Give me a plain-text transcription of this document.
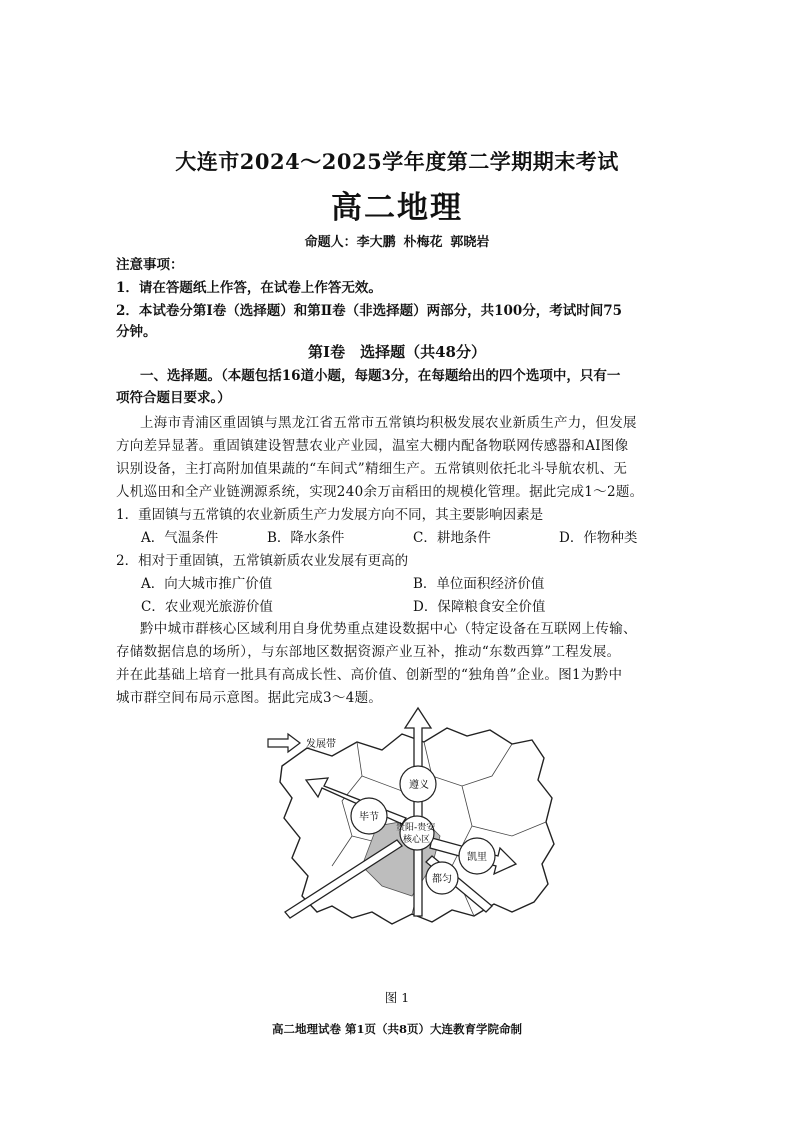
大连市2024～2025学年度第二学期期末考试
高二地理
命题人：李大鹏 朴梅花 郭晓岩
注意事项：
1．请在答题纸上作答，在试卷上作答无效。
2．本试卷分第Ⅰ卷（选择题）和第Ⅱ卷（非选择题）两部分，共100分，考试时间75
分钟。
第Ⅰ卷　选择题（共48分）
一、选择题。（本题包括16道小题，每题3分，在每题给出的四个选项中，只有一
项符合题目要求。）
上海市青浦区重固镇与黑龙江省五常市五常镇均积极发展农业新质生产力，但发展
方向差异显著。重固镇建设智慧农业产业园，温室大棚内配备物联网传感器和AI图像
识别设备，主打高附加值果蔬的“车间式”精细生产。五常镇则依托北斗导航农机、无
人机巡田和全产业链溯源系统，实现240余万亩稻田的规模化管理。据此完成1～2题。
1．重固镇与五常镇的农业新质生产力发展方向不同，其主要影响因素是
A．气温条件	B．降水条件	C．耕地条件	D．作物种类
2．相对于重固镇，五常镇新质农业发展有更高的
A．向大城市推广价值	B．单位面积经济价值
C．农业观光旅游价值	D．保障粮食安全价值
黔中城市群核心区域利用自身优势重点建设数据中心（特定设备在互联网上传输、
存储数据信息的场所），与东部地区数据资源产业互补，推动“东数西算”工程发展。
并在此基础上培育一批具有高成长性、高价值、创新型的“独角兽”企业。图1为黔中
城市群空间布局示意图。据此完成3～4题。
遵义
毕节
贵阳-贵安
核心区
凯里
都匀
发展带
图 1
高二地理试卷 第1页（共8页）大连教育学院命制
